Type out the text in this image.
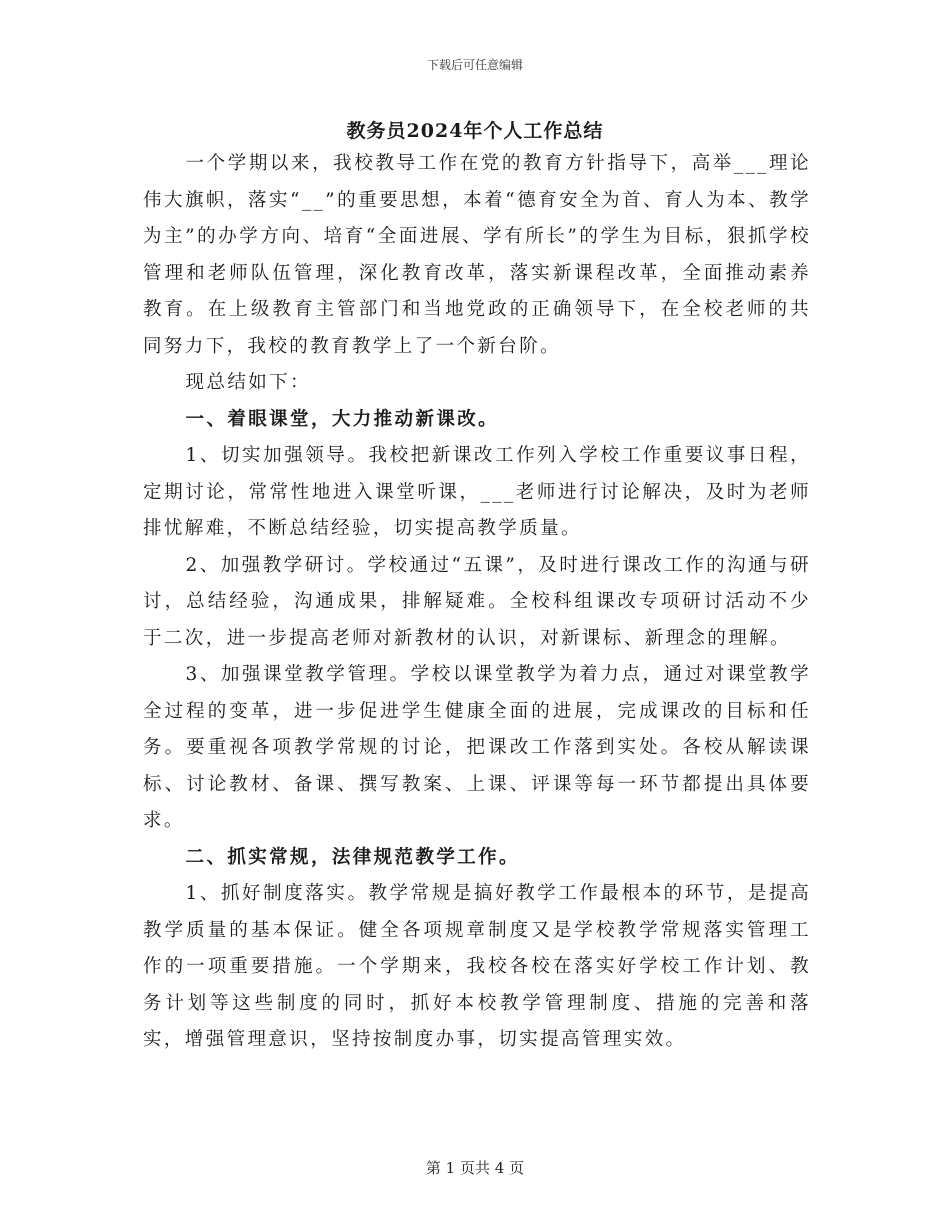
下载后可任意编辑
教务员2024年个人工作总结

一个学期以来，我校教导工作在党的教育方针指导下，高举___理论伟大旗帜，落实“__”的重要思想，本着“德育安全为首、育人为本、教学为主”的办学方向、培育“全面进展、学有所长”的学生为目标，狠抓学校管理和老师队伍管理，深化教育改革，落实新课程改革，全面推动素养教育。在上级教育主管部门和当地党政的正确领导下，在全校老师的共同努力下，我校的教育教学上了一个新台阶。

现总结如下：

一、着眼课堂，大力推动新课改。

1、切实加强领导。我校把新课改工作列入学校工作重要议事日程，定期讨论，常常性地进入课堂听课，___老师进行讨论解决，及时为老师排忧解难，不断总结经验，切实提高教学质量。

2、加强教学研讨。学校通过“五课”，及时进行课改工作的沟通与研讨，总结经验，沟通成果，排解疑难。全校科组课改专项研讨活动不少于二次，进一步提高老师对新教材的认识，对新课标、新理念的理解。

3、加强课堂教学管理。学校以课堂教学为着力点，通过对课堂教学全过程的变革，进一步促进学生健康全面的进展，完成课改的目标和任务。要重视各项教学常规的讨论，把课改工作落到实处。各校从解读课标、讨论教材、备课、撰写教案、上课、评课等每一环节都提出具体要求。

二、抓实常规，法律规范教学工作。

1、抓好制度落实。教学常规是搞好教学工作最根本的环节，是提高教学质量的基本保证。健全各项规章制度又是学校教学常规落实管理工作的一项重要措施。一个学期来，我校各校在落实好学校工作计划、教务计划等这些制度的同时，抓好本校教学管理制度、措施的完善和落实，增强管理意识，坚持按制度办事，切实提高管理实效。

第 1 页共 4 页
